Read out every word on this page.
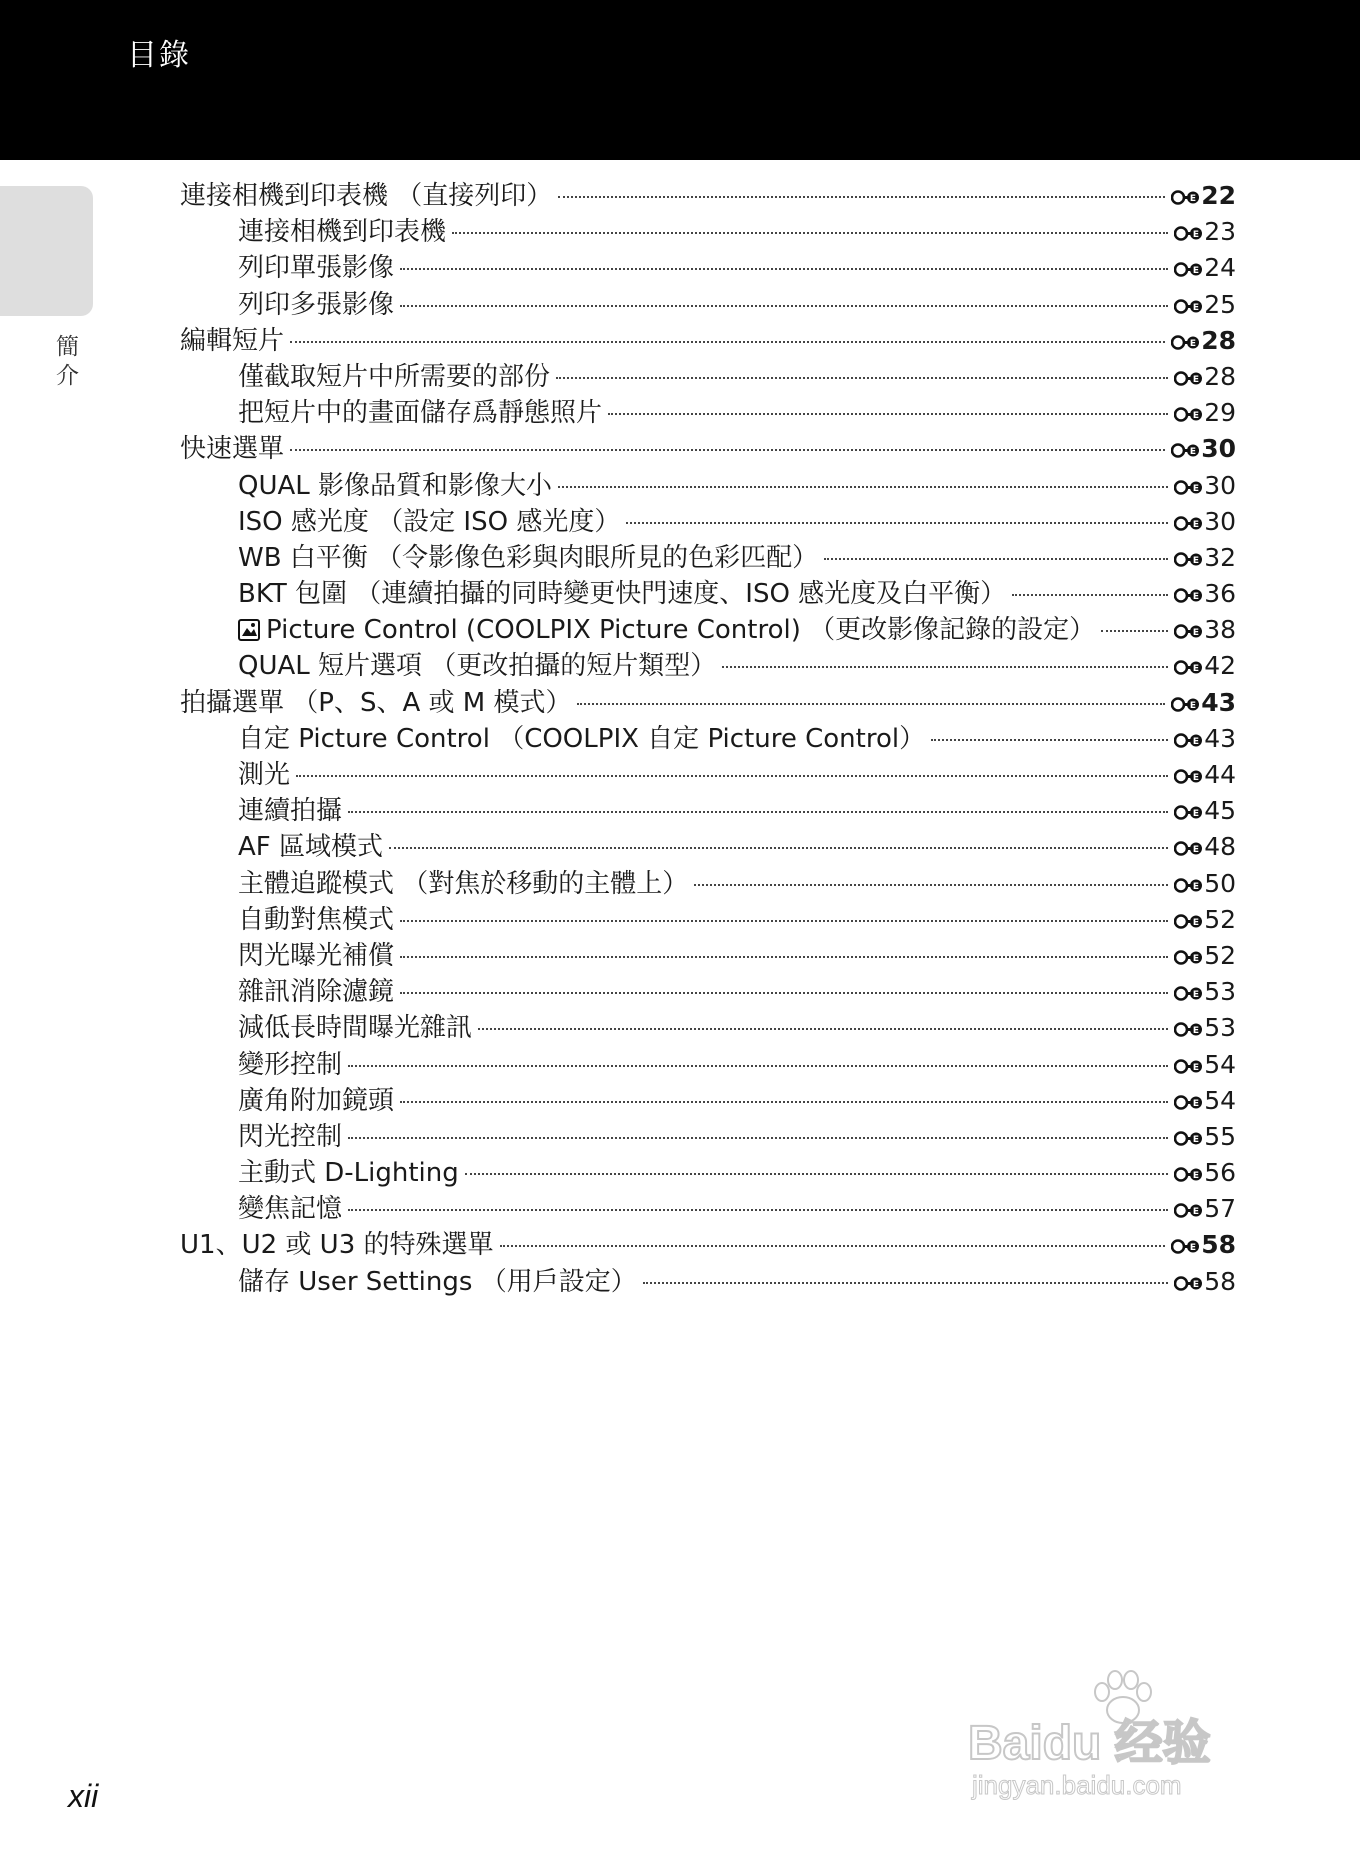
目錄
簡介
連接相機到印表機 （直接列印）	E 22
連接相機到印表機	E 23
列印單張影像	E 24
列印多張影像	E 25
編輯短片	E 28
僅截取短片中所需要的部份	E 28
把短片中的畫面儲存爲靜態照片	E 29
快速選單	E 30
QUAL 影像品質和影像大小	E 30
ISO 感光度 （設定 ISO 感光度）	E 30
WB 白平衡 （令影像色彩與肉眼所見的色彩匹配）	E 32
BKT 包圍 （連續拍攝的同時變更快門速度、ISO 感光度及白平衡）	E 36
Picture Control (COOLPIX Picture Control) （更改影像記錄的設定）	E 38
QUAL 短片選項 （更改拍攝的短片類型）	E 42
拍攝選單 （P、S、A 或 M 模式）	E 43
自定 Picture Control （COOLPIX 自定 Picture Control）	E 43
測光	E 44
連續拍攝	E 45
AF 區域模式	E 48
主體追蹤模式 （對焦於移動的主體上）	E 50
自動對焦模式	E 52
閃光曝光補償	E 52
雜訊消除濾鏡	E 53
減低長時間曝光雜訊	E 53
變形控制	E 54
廣角附加鏡頭	E 54
閃光控制	E 55
主動式 D-Lighting	E 56
變焦記憶	E 57
U1、U2 或 U3 的特殊選單	E 58
儲存 User Settings （用戶設定）	E 58
xii
Baidu 经验
jingyan.baidu.com
